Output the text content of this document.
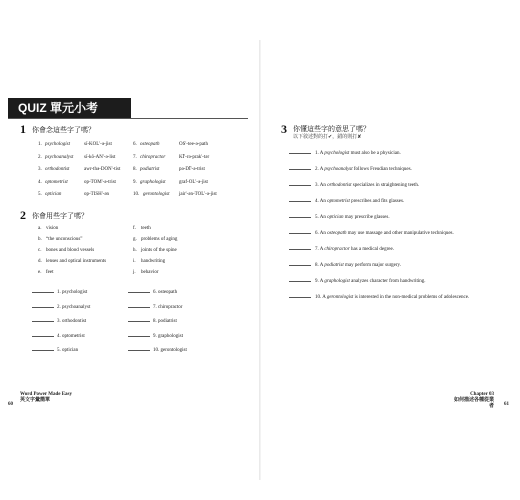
QUIZ 單元小考
1 你會念這些字了嗎？
1. psychologist	sī-KOL'-ə-jist
2. psychoanalyst sī-kō-AN'-ə-list
3. orthodontist	awr-thə-DON'-tist
4. optometrist	op-TOM'-ə-trist
5. optician	op-TISH'-ən
6. osteopath	OS'-tee-ə-path
7. chiropractor	KĪ'-rə-prak'-tər
8. podiatrist	pə-DĪ'-ə-trist
9. graphologist	graf-OL'-ə-jist
10. gerontologist jair'-ən-TOL'-ə-jist
2 你會用些字了嗎？
a. vision
b. “the unconscious”
c. bones and blood vessels
d. lenses and optical instruments
e. feet
f. teeth
g. problems of aging
h. joints of the spine
i. handwriting
j. behavior
1. psychologist
2. psychoanalyst
3. orthodontist
4. optometrist
5. optician
6. osteopath
7. chiropractor
8. podiatrist
9. graphologist
10. gerontologist
Word Power Made Easy
英文字彙簡單
60
3 你懂這些字的意思了嗎？
以下敘述對的打✔，錯的則打✘
1. A psychologist must also be a physician.
2. A psychoanalyst follows Freudian techniques.
3. An orthodontist specializes in straightening teeth.
4. An optometrist prescribes and fits glasses.
5. An optician may prescribe glasses.
6. An osteopath may use massage and other manipulative techniques.
7. A chiropractor has a medical degree.
8. A podiatrist may perform major surgery.
9. A graphologist analyzes character from handwriting.
10. A gerontologist is interested in the non-medical problems of adolescence.
Chapter 03
如何描述各種從業者 61
